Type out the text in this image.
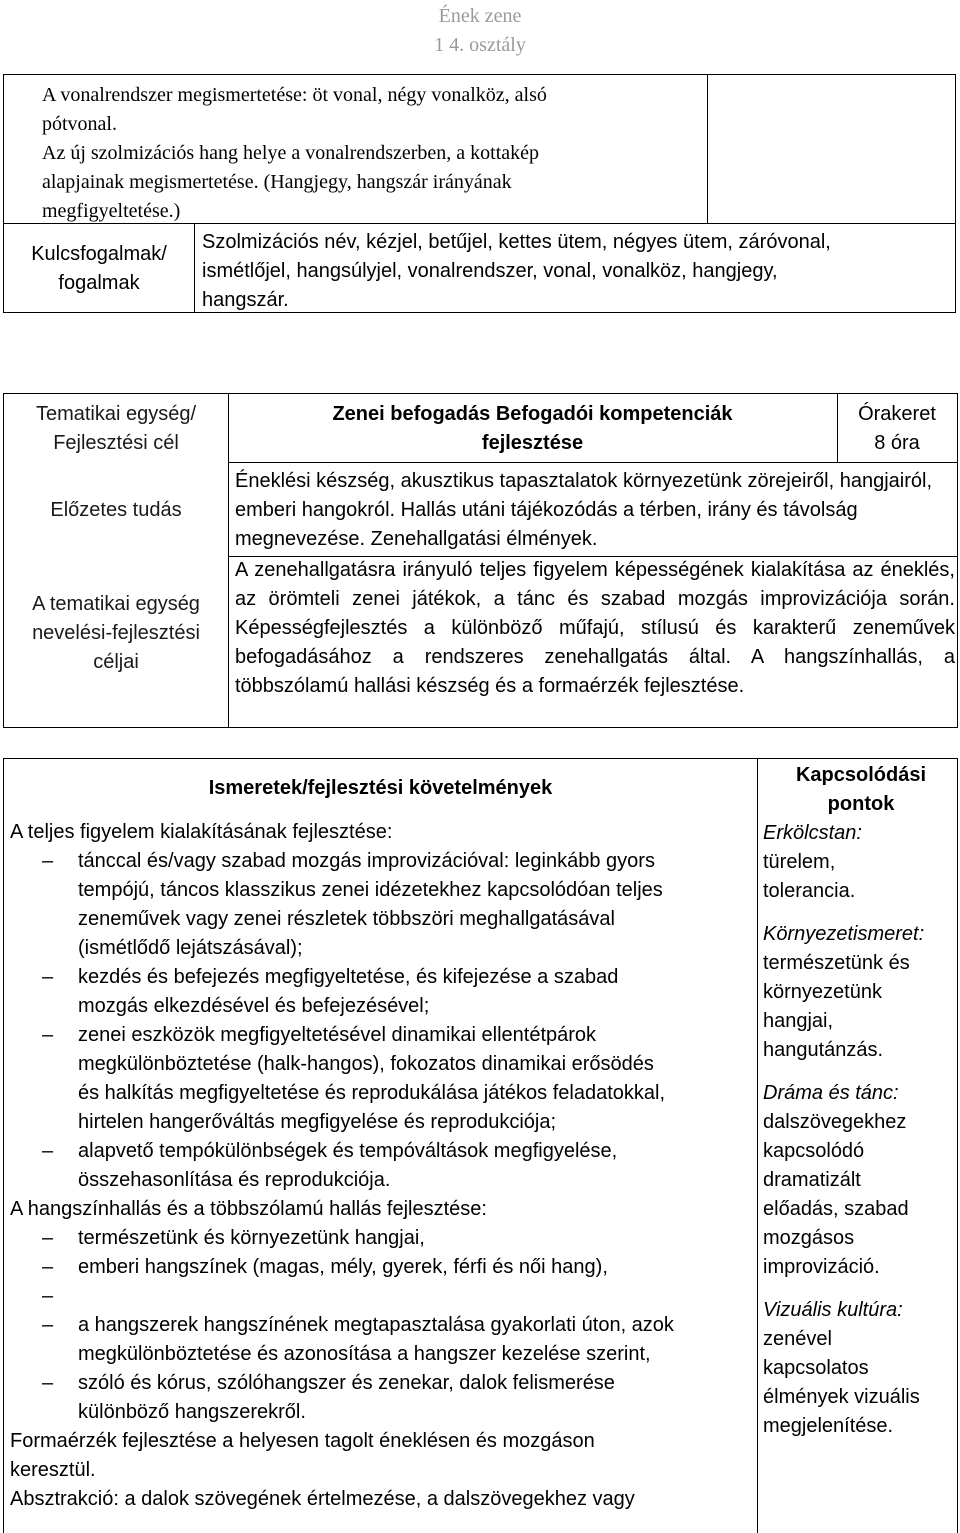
Ének zene
1 4. osztály
A vonalrendszer megismertetése: öt vonal, négy vonalköz, alsó
pótvonal.
Az új szolmizációs hang helye a vonalrendszerben, a kottakép
alapjainak megismertetése. (Hangjegy, hangszár irányának
megfigyeltetése.)
Kulcsfogalmak/
fogalmak
Szolmizációs név, kézjel, betűjel, kettes ütem, négyes ütem, záróvonal,
ismétlőjel, hangsúlyjel, vonalrendszer, vonal, vonalköz, hangjegy,
hangszár.
Tematikai egység/
Fejlesztési cél
Előzetes tudás
A tematikai egység
nevelési-fejlesztési
céljai
Zenei befogadás Befogadói kompetenciák
fejlesztése
Órakeret
8 óra
Éneklési készség, akusztikus tapasztalatok környezetünk zörejeiről, hangjairól, emberi hangokról. Hallás utáni tájékozódás a térben, irány és távolság megnevezése. Zenehallgatási élmények.
A zenehallgatásra irányuló teljes figyelem képességének kialakítása az éneklés, az örömteli zenei játékok, a tánc és szabad mozgás improvizációja során. Képességfejlesztés a különböző műfajú, stílusú és karakterű zeneművek befogadásához a rendszeres zenehallgatás által. A hangszínhallás, a többszólamú hallási készség és a formaérzék fejlesztése.
Ismeretek/fejlesztési követelmények
A teljes figyelem kialakításának fejlesztése:
– tánccal és/vagy szabad mozgás improvizációval: leginkább gyors
tempójú, táncos klasszikus zenei idézetekhez kapcsolódóan teljes
zeneművek vagy zenei részletek többszöri meghallgatásával
(ismétlődő lejátszásával);
– kezdés és befejezés megfigyeltetése, és kifejezése a szabad
mozgás elkezdésével és befejezésével;
– zenei eszközök megfigyeltetésével dinamikai ellentétpárok
megkülönböztetése (halk-hangos), fokozatos dinamikai erősödés
és halkítás megfigyeltetése és reprodukálása játékos feladatokkal,
hirtelen hangerőváltás megfigyelése és reprodukciója;
– alapvető tempókülönbségek és tempóváltások megfigyelése,
összehasonlítása és reprodukciója.
A hangszínhallás és a többszólamú hallás fejlesztése:
– természetünk és környezetünk hangjai,
– emberi hangszínek (magas, mély, gyerek, férfi és női hang),
–
– a hangszerek hangszínének megtapasztalása gyakorlati úton, azok
megkülönböztetése és azonosítása a hangszer kezelése szerint,
– szóló és kórus, szólóhangszer és zenekar, dalok felismerése
különböző hangszerekről.
Formaérzék fejlesztése a helyesen tagolt éneklésen és mozgáson
keresztül.
Absztrakció: a dalok szövegének értelmezése, a dalszövegekhez vagy
Kapcsolódási
pontok
Erkölcstan:
türelem,
tolerancia.
Környezetismeret:
természetünk és
környezetünk
hangjai,
hangutánzás.
Dráma és tánc:
dalszövegekhez
kapcsolódó
dramatizált
előadás, szabad
mozgásos
improvizáció.
Vizuális kultúra:
zenével
kapcsolatos
élmények vizuális
megjelenítése.
